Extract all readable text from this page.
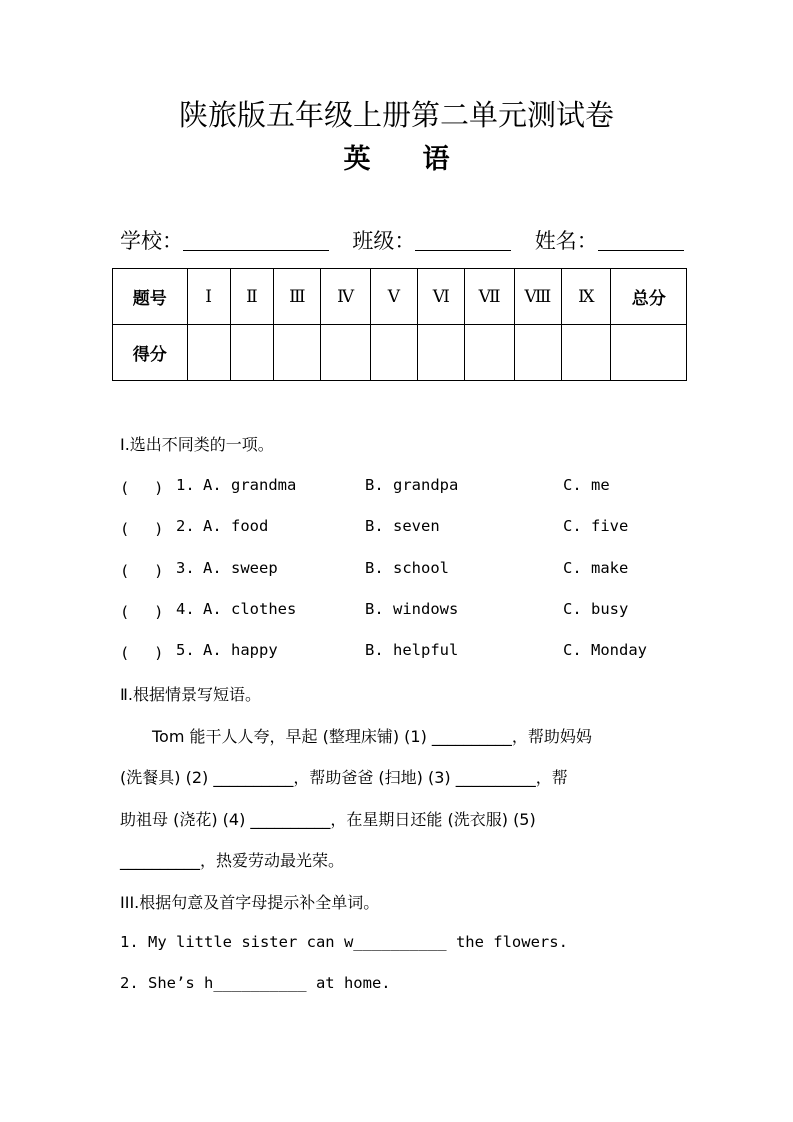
陕旅版五年级上册第二单元测试卷
英 语
学校：	班级：	姓名：
题号	Ⅰ	Ⅱ	Ⅲ	Ⅳ	Ⅴ	Ⅵ	Ⅶ	Ⅷ	Ⅸ	总分
得分										
I.选出不同类的一项。
(　 ) 1. A. grandma	B. grandpa	C. me
(　 ) 2. A. food	B. seven	C. five
(　 ) 3. A. sweep	B. school	C. make
(　 ) 4. A. clothes	B. windows	C. busy
(　 ) 5. A. happy	B. helpful	C. Monday
Ⅱ.根据情景写短语。
　　Tom 能干人人夸，早起 (整理床铺) (1) __________，帮助妈妈
(洗餐具) (2) __________，帮助爸爸 (扫地) (3) __________，帮
助祖母 (浇花) (4) __________，在星期日还能 (洗衣服) (5)
__________，热爱劳动最光荣。
III.根据句意及首字母提示补全单词。
1. My little sister can w__________ the flowers.
2. She’s h__________ at home.
